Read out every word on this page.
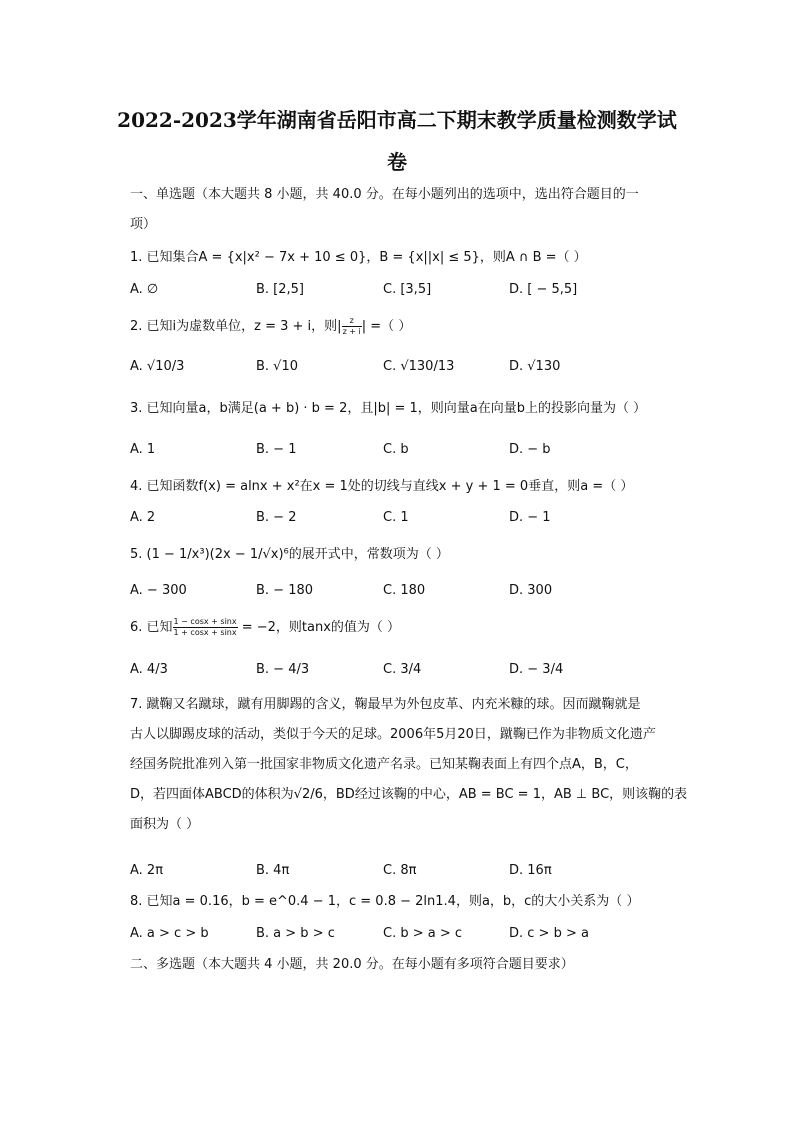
2022-2023学年湖南省岳阳市高二下期末教学质量检测数学试
卷
一、单选题（本大题共 8 小题，共 40.0 分。在每小题列出的选项中，选出符合题目的一
项）
1. 已知集合A = {x|x² − 7x + 10 ≤ 0}，B = {x||x| ≤ 5}，则A ∩ B =（ ）
A. ∅	B. [2,5]	C. [3,5]	D. [ − 5,5]
2. 已知i为虚数单位，z = 3 + i，则| $\frac{z}{z + i}$ | =（ ）
A. √10/3	B. √10	C. √130/13	D. √130
3. 已知向量a，b满足(a + b) · b = 2，且|b| = 1，则向量a在向量b上的投影向量为（ ）
A. 1	B. − 1	C. b	D. − b
4. 已知函数f(x) = alnx + x²在x = 1处的切线与直线x + y + 1 = 0垂直，则a =（ ）
A. 2	B. − 2	C. 1	D. − 1
5. (1 − 1/x³)(2x − 1/√x)⁶的展开式中，常数项为（ ）
A. − 300	B. − 180	C. 180	D. 300
6. 已知 $\frac{1 - \cos x + \sin x}{1 + \cos x + \sin x} = -2$，则tanx的值为（ ）
A. 4/3	B. − 4/3	C. 3/4	D. − 3/4
7. 蹴鞠又名蹴球，蹴有用脚踢的含义，鞠最早为外包皮革、内充米糠的球。因而蹴鞠就是
古人以脚踢皮球的活动，类似于今天的足球。2006年5月20日，蹴鞠已作为非物质文化遗产
经国务院批准列入第一批国家非物质文化遗产名录。已知某鞠表面上有四个点A，B，C，
D，若四面体ABCD的体积为√2/6，BD经过该鞠的中心，AB = BC = 1，AB ⊥ BC，则该鞠的表
面积为（ ）
A. 2π	B. 4π	C. 8π	D. 16π
8. 已知a = 0.16，b = e^0.4 − 1，c = 0.8 − 2ln1.4，则a，b，c的大小关系为（ ）
A. a > c > b	B. a > b > c	C. b > a > c	D. c > b > a
二、多选题（本大题共 4 小题，共 20.0 分。在每小题有多项符合题目要求）
